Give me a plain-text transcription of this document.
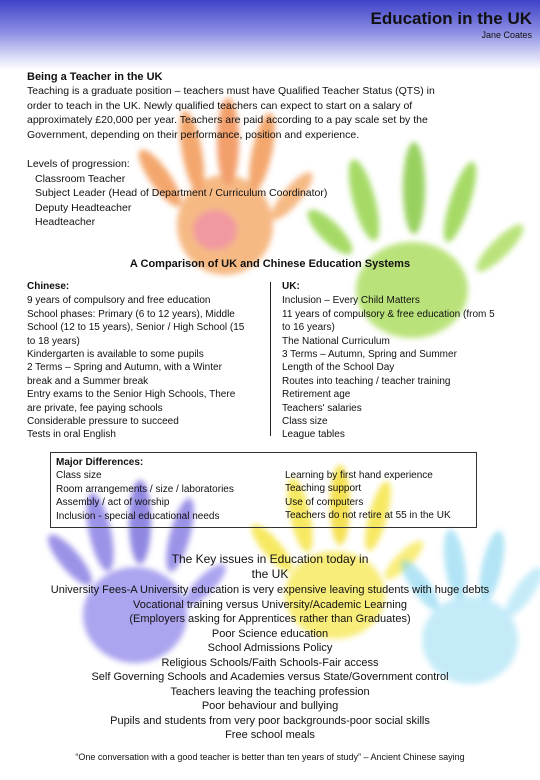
Education in the UK
Jane Coates
Being a Teacher in the UK
Teaching is a graduate position – teachers must have Qualified Teacher Status (QTS) in
order to teach in the UK. Newly qualified teachers can expect to start on a salary of
approximately £20,000 per year. Teachers are paid according to a pay scale set by the
Government, depending on their performance, position and experience.
Levels of progression:
Classroom Teacher
Subject Leader (Head of Department / Curriculum Coordinator)
Deputy Headteacher
Headteacher
A Comparison of UK and Chinese Education Systems
Chinese:
9 years of compulsory and free education
School phases: Primary (6 to 12 years), Middle
School (12 to 15 years), Senior / High School (15
to 18 years)
Kindergarten is available to some pupils
2 Terms – Spring and Autumn, with a Winter
break and a Summer break
Entry exams to the Senior High Schools, There
are private, fee paying schools
Considerable pressure to succeed
Tests in oral English
UK:
Inclusion – Every Child Matters
11 years of compulsory & free education (from 5
to 16 years)
The National Curriculum
3 Terms – Autumn, Spring and Summer
Length of the School Day
Routes into teaching / teacher training
Retirement age
Teachers' salaries
Class size
League tables
Major Differences:
Class size
Room arrangements / size / laboratories
Assembly / act of worship
Inclusion - special educational needs
Learning by first hand experience
Teaching support
Use of computers
Teachers do not retire at 55 in the UK
The Key issues in Education today in
the UK
University Fees-A University education is very expensive leaving students with huge debts
Vocational training versus University/Academic Learning
(Employers asking for Apprentices rather than Graduates)
Poor Science education
School Admissions Policy
Religious Schools/Faith Schools-Fair access
Self Governing Schools and Academies versus State/Government control
Teachers leaving the teaching profession
Poor behaviour and bullying
Pupils and students from very poor backgrounds-poor social skills
Free school meals
“One conversation with a good teacher is better than ten years of study” – Ancient Chinese saying
